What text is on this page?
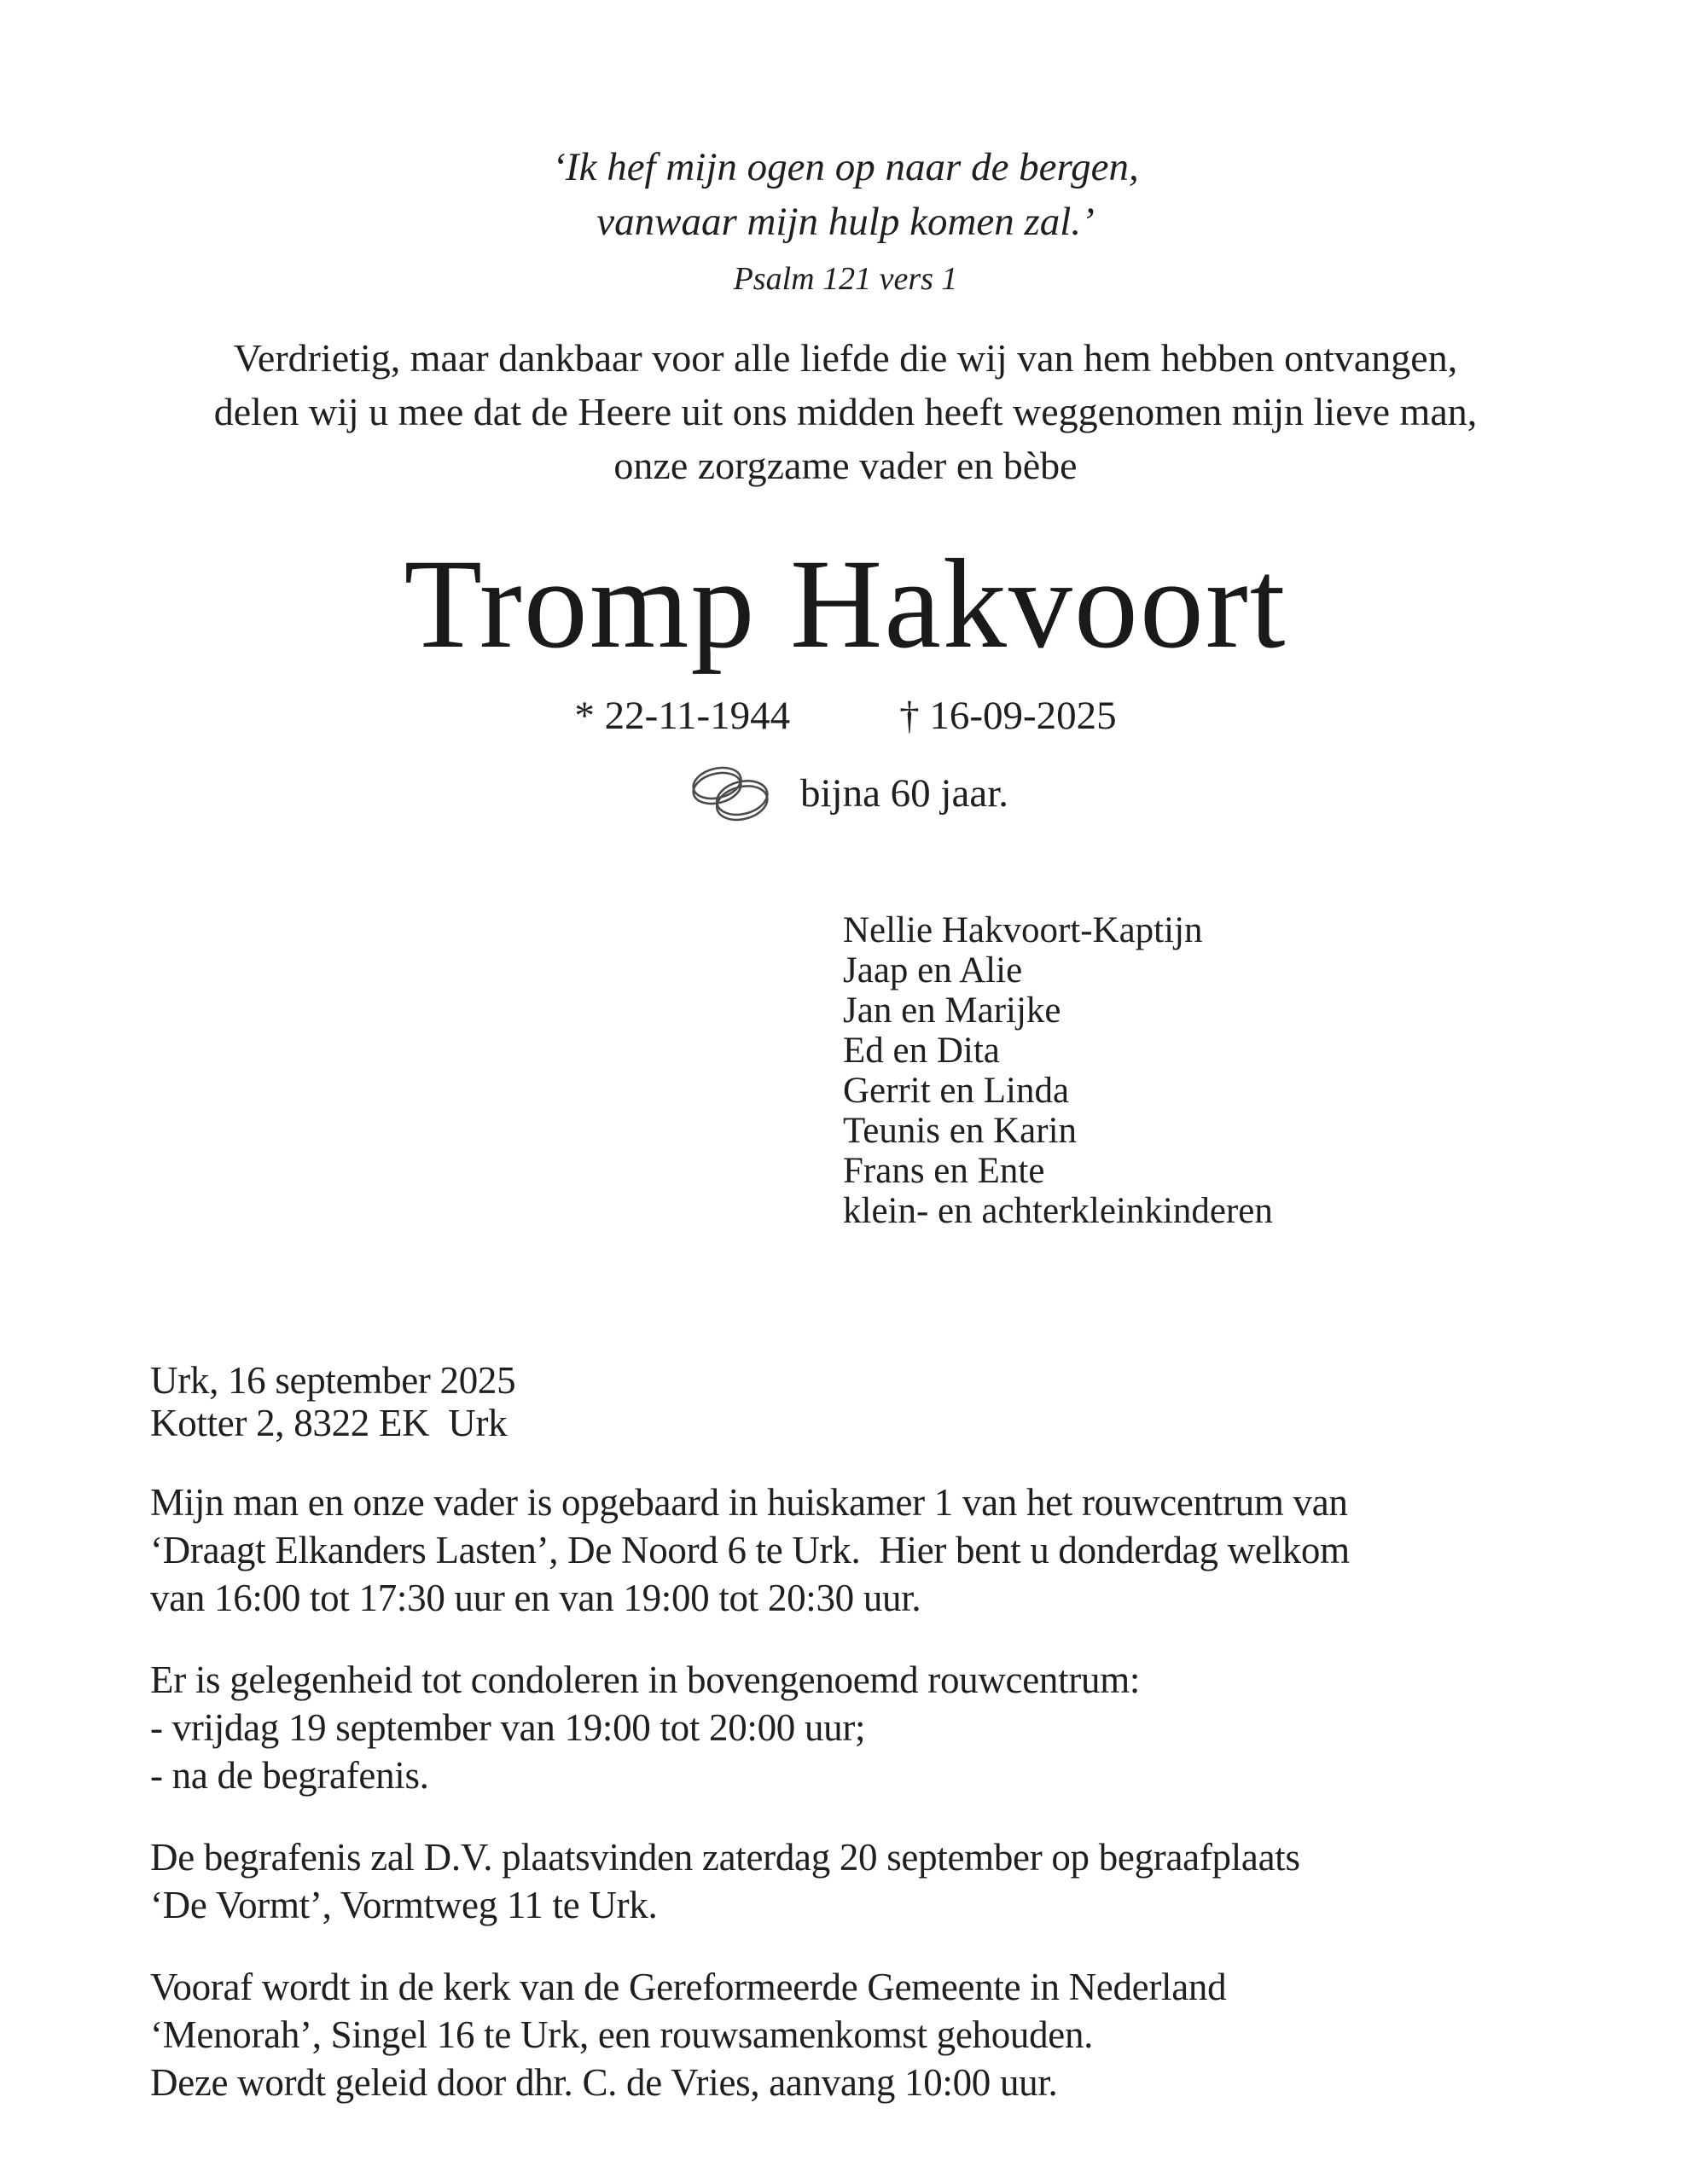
‘Ik hef mijn ogen op naar de bergen,
vanwaar mijn hulp komen zal.’
Psalm 121 vers 1
Verdrietig, maar dankbaar voor alle liefde die wij van hem hebben ontvangen,
delen wij u mee dat de Heere uit ons midden heeft weggenomen mijn lieve man,
onze zorgzame vader en bèbe
Tromp Hakvoort
* 22-11-1944	† 16-09-2025
bijna 60 jaar.
Nellie Hakvoort-Kaptijn
Jaap en Alie
Jan en Marijke
Ed en Dita
Gerrit en Linda
Teunis en Karin
Frans en Ente
klein- en achterkleinkinderen
Urk, 16 september 2025
Kotter 2, 8322 EK  Urk
Mijn man en onze vader is opgebaard in huiskamer 1 van het rouwcentrum van
‘Draagt Elkanders Lasten’, De Noord 6 te Urk.  Hier bent u donderdag welkom
van 16:00 tot 17:30 uur en van 19:00 tot 20:30 uur.
Er is gelegenheid tot condoleren in bovengenoemd rouwcentrum:
- vrijdag 19 september van 19:00 tot 20:00 uur;
- na de begrafenis.
De begrafenis zal D.V. plaatsvinden zaterdag 20 september op begraafplaats
‘De Vormt’, Vormtweg 11 te Urk.
Vooraf wordt in de kerk van de Gereformeerde Gemeente in Nederland
‘Menorah’, Singel 16 te Urk, een rouwsamenkomst gehouden.
Deze wordt geleid door dhr. C. de Vries, aanvang 10:00 uur.
